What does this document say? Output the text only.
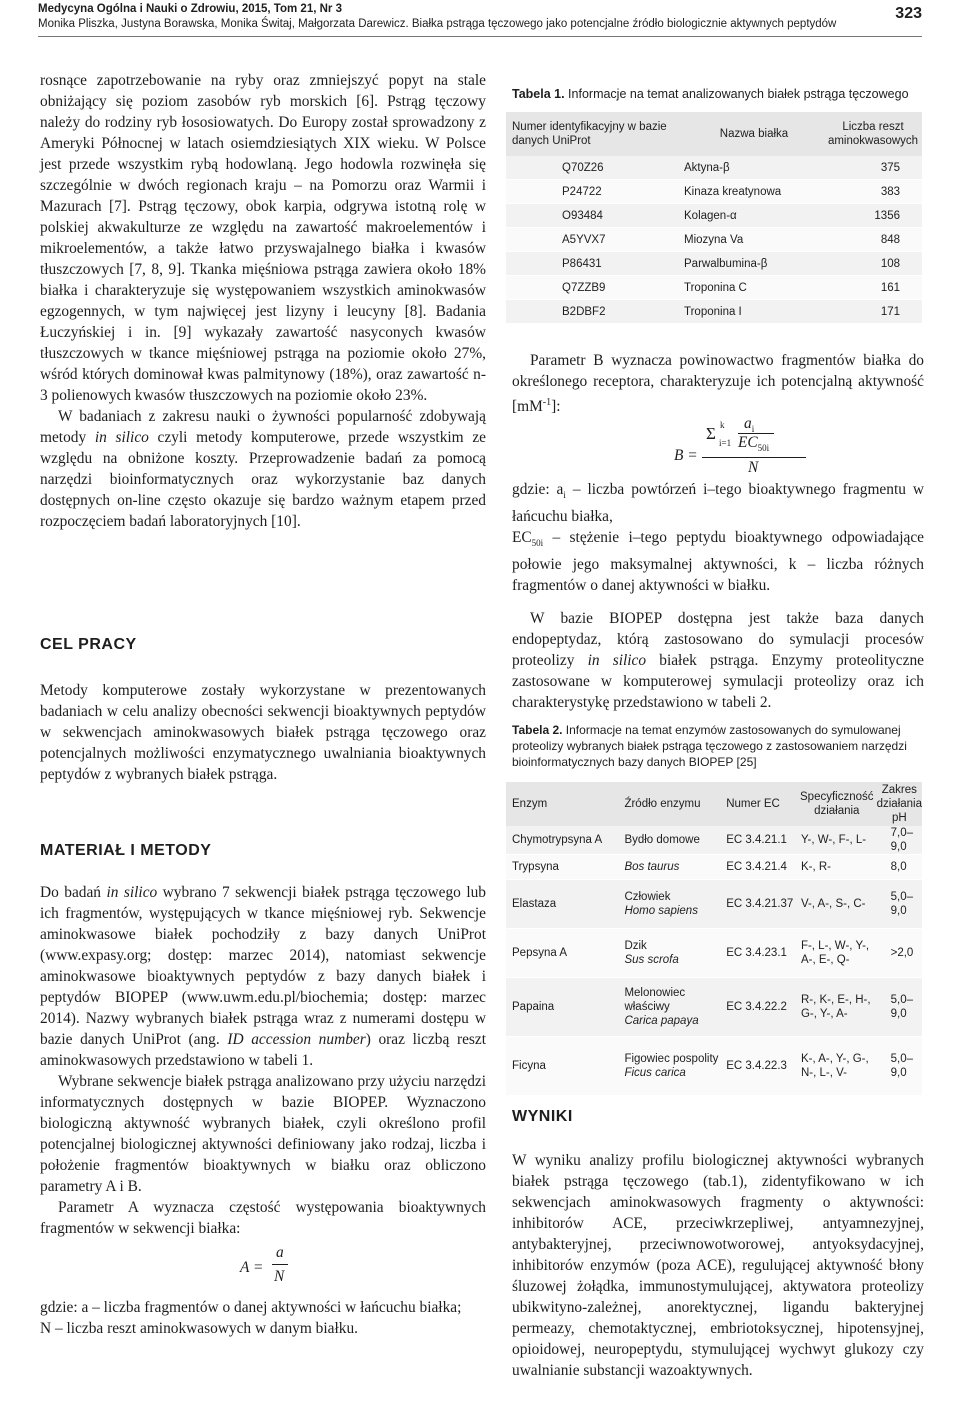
Medycyna Ogólna i Nauki o Zdrowiu, 2015, Tom 21, Nr 3
Monika Pliszka, Justyna Borawska, Monika Świtaj, Małgorzata Darewicz. Białka pstrąga tęczowego jako potencjalne źródło biologicznie aktywnych peptydów
323

rosnące zapotrzebowanie na ryby oraz zmniejszyć popyt na stale obniżający się poziom zasobów ryb morskich [6]. Pstrąg tęczowy należy do rodziny ryb łososiowatych. Do Europy został sprowadzony z Ameryki Północnej w latach osiemdziesiątych XIX wieku. W Polsce jest przede wszystkim rybą hodowlaną. Jego hodowla rozwinęła się szczególnie w dwóch regionach kraju – na Pomorzu oraz Warmii i Mazurach [7]. Pstrąg tęczowy, obok karpia, odgrywa istotną rolę w polskiej akwakulturze ze względu na zawartość makroelementów i mikroelementów, a także łatwo przyswajalnego białka i kwasów tłuszczowych [7, 8, 9]. Tkanka mięśniowa pstrąga zawiera około 18% białka i charakteryzuje się występowaniem wszystkich aminokwasów egzogennych, w tym najwięcej jest lizyny i leucyny [8]. Badania Łuczyńskiej i in. [9] wykazały zawartość nasyconych kwasów tłuszczowych w tkance mięśniowej pstrąga na poziomie około 27%, wśród których dominował kwas palmitynowy (18%), oraz zawartość n-3 polienowych kwasów tłuszczowych na poziomie około 23%.

W badaniach z zakresu nauki o żywności popularność zdobywają metody in silico czyli metody komputerowe, przede wszystkim ze względu na obniżone koszty. Przeprowadzenie badań za pomocą narzędzi bioinformatycznych oraz wykorzystanie baz danych dostępnych on-line często okazuje się bardzo ważnym etapem przed rozpoczęciem badań laboratoryjnych [10].

CEL PRACY

Metody komputerowe zostały wykorzystane w prezentowanych badaniach w celu analizy obecności sekwencji bioaktywnych peptydów w sekwencjach aminokwasowych białek pstrąga tęczowego oraz potencjalnych możliwości enzymatycznego uwalniania bioaktywnych peptydów z wybranych białek pstrąga.

MATERIAŁ I METODY

Do badań in silico wybrano 7 sekwencji białek pstrąga tęczowego lub ich fragmentów, występujących w tkance mięśniowej ryb. Sekwencje aminokwasowe białek pochodziły z bazy danych UniProt (www.expasy.org; dostęp: marzec 2014), natomiast sekwencje aminokwasowe bioaktywnych peptydów z bazy danych białek i peptydów BIOPEP (www.uwm.edu.pl/biochemia; dostęp: marzec 2014). Nazwy wybranych białek pstrąga wraz z numerami dostępu w bazie danych UniProt (ang. ID accession number) oraz liczbą reszt aminokwasowych przedstawiono w tabeli 1.

Wybrane sekwencje białek pstrąga analizowano przy użyciu narzędzi informatycznych dostępnych w bazie BIOPEP. Wyznaczono biologiczną aktywność wybranych białek, czyli określono profil potencjalnej biologicznej aktywności definiowany jako rodzaj, liczba i położenie fragmentów bioaktywnych w białku oraz obliczono parametry A i B.

Parametr A wyznacza częstość występowania bioaktywnych fragmentów w sekwencji białka:

A =
a
N

gdzie: a – liczba fragmentów o danej aktywności w łańcuchu białka;

N – liczba reszt aminokwasowych w danym białku.

Tabela 1. Informacje na temat analizowanych białek pstrąga tęczowego
Numer identyfikacyjny w bazie danych UniProt	Nazwa białka	Liczba reszt aminokwasowych
Q70Z26	Aktyna-β	375
P24722	Kinaza kreatynowa	383
O93484	Kolagen-α	1356
A5YVX7	Miozyna Va	848
P86431	Parwalbumina-β	108
Q7ZZB9	Troponina C	161
B2DBF2	Troponina I	171

Parametr B wyznacza powinowactwo fragmentów białka do określonego receptora, charakteryzuje ich potencjalną aktywność $[mM^{-1}]$:

B =
Σ k
i=1
$a_i$
$EC_{50i}$
N

gdzie: $a_i$ – liczba powtórzeń i–tego bioaktywnego fragmentu w łańcuchu białka,

$EC_{50i}$ – stężenie i–tego peptydu bioaktywnego odpowiadające połowie jego maksymalnej aktywności, k – liczba różnych fragmentów o danej aktywności w białku.

W bazie BIOPEP dostępna jest także baza danych endopeptydaz, którą zastosowano do symulacji procesów proteolizy in silico białek pstrąga. Enzymy proteolityczne zastosowane w komputerowej symulacji proteolizy oraz ich charakterystykę przedstawiono w tabeli 2.

Tabela 2. Informacje na temat enzymów zastosowanych do symulowanej proteolizy wybranych białek pstrąga tęczowego z zastosowaniem narzędzi bioinformatycznych bazy danych BIOPEP [25]
Enzym	Źródło enzymu	Numer EC	Specyficzność działania	Zakres działania pH
Chymotrypsyna A	Bydło domowe	EC 3.4.21.1	Y-, W-, F-, L-	7,0–9,0
Trypsyna	Bos taurus	EC 3.4.21.4	K-, R-	8,0
Elastaza	Człowiek
Homo sapiens	EC 3.4.21.37	V-, A-, S-, C-	5,0–9,0
Pepsyna A	Dzik
Sus scrofa	EC 3.4.23.1	F-, L-, W-, Y-, A-, E-, Q-	>2,0
Papaina	Melonowiec właściwy
Carica papaya	EC 3.4.22.2	R-, K-, E-, H-, G-, Y-, A-	5,0–9,0
Ficyna	Figowiec pospolity
Ficus carica	EC 3.4.22.3	K-, A-, Y-, G-, N-, L-, V-	5,0–9,0
WYNIKI

W wyniku analizy profilu biologicznej aktywności wybranych białek pstrąga tęczowego (tab.1), zidentyfikowano w ich sekwencjach aminokwasowych fragmenty o aktywności: inhibitorów ACE, przeciwkrzepliwej, antyamnezyjnej, antybakteryjnej, przeciwnowotworowej, antyoksydacyjnej, inhibitorów enzymów (poza ACE), regulującej aktywność błony śluzowej żołądka, immunostymulującej, aktywatora proteolizy ubikwityno-zależnej, anorektycznej, ligandu bakteryjnej permeazy, chemotaktycznej, embriotoksycznej, hipotensyjnej, opioidowej, neuropeptydu, stymulującej wychwyt glukozy czy uwalnianie substancji wazoaktywnych.
